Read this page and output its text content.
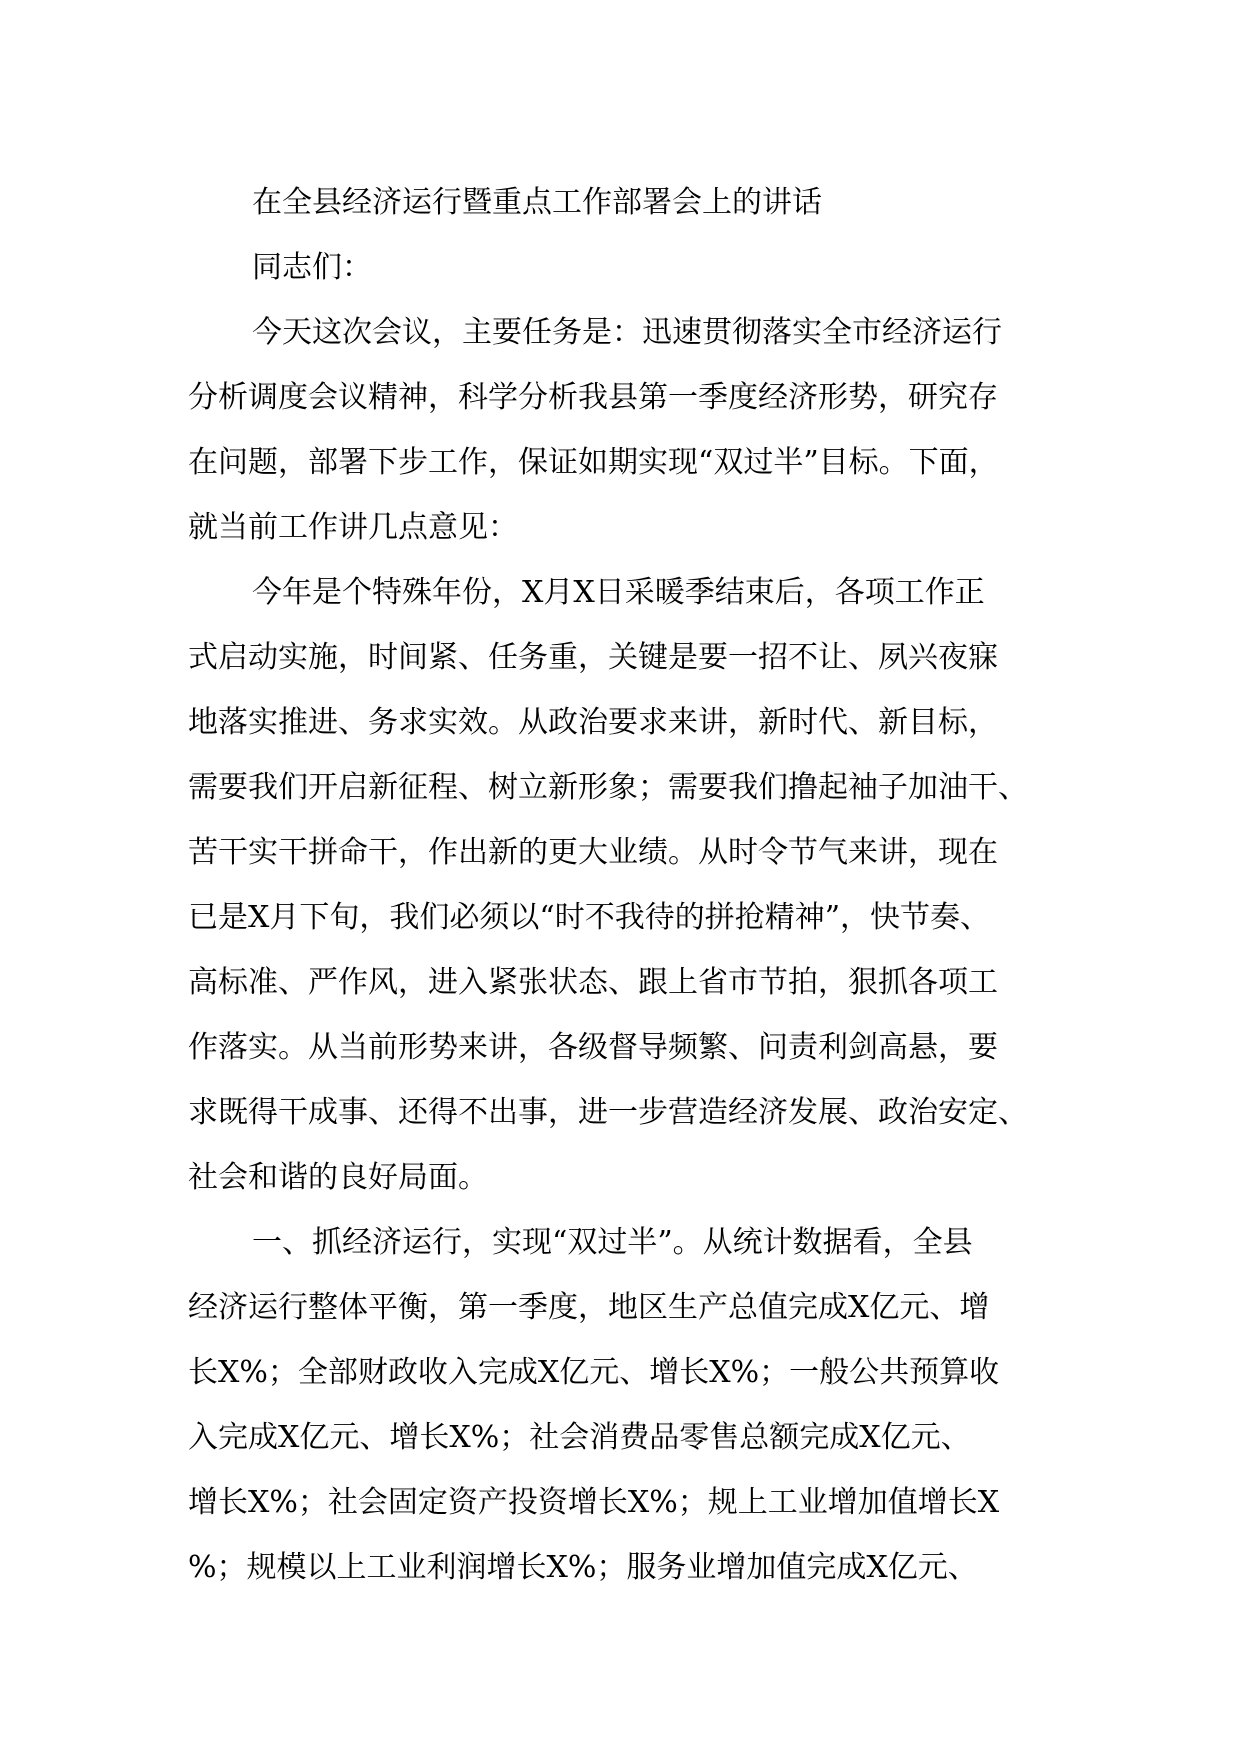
在全县经济运行暨重点工作部署会上的讲话
同志们：
今天这次会议，主要任务是：迅速贯彻落实全市经济运行
分析调度会议精神，科学分析我县第一季度经济形势，研究存
在问题，部署下步工作，保证如期实现“双过半”目标。下面，
就当前工作讲几点意见：
今年是个特殊年份，X月X日采暖季结束后，各项工作正
式启动实施，时间紧、任务重，关键是要一招不让、夙兴夜寐
地落实推进、务求实效。从政治要求来讲，新时代、新目标，
需要我们开启新征程、树立新形象；需要我们撸起袖子加油干、
苦干实干拼命干，作出新的更大业绩。从时令节气来讲，现在
已是X月下旬，我们必须以“时不我待的拼抢精神”，快节奏、
高标准、严作风，进入紧张状态、跟上省市节拍，狠抓各项工
作落实。从当前形势来讲，各级督导频繁、问责利剑高悬，要
求既得干成事、还得不出事，进一步营造经济发展、政治安定、
社会和谐的良好局面。
一、抓经济运行，实现“双过半”。从统计数据看，全县
经济运行整体平衡，第一季度，地区生产总值完成X亿元、增
长X%；全部财政收入完成X亿元、增长X%；一般公共预算收
入完成X亿元、增长X%；社会消费品零售总额完成X亿元、
增长X%；社会固定资产投资增长X%；规上工业增加值增长X
%；规模以上工业利润增长X%；服务业增加值完成X亿元、
